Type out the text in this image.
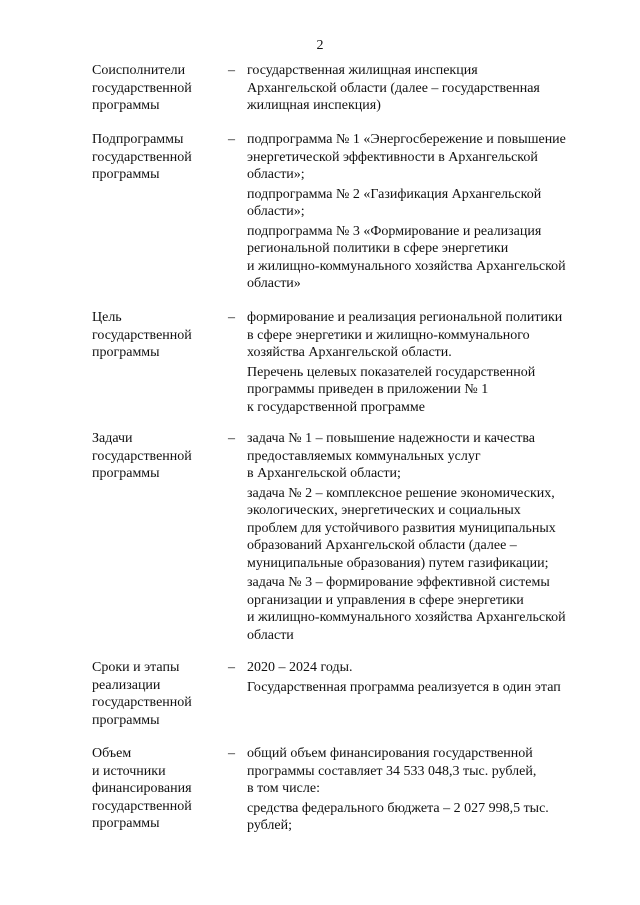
2
Соисполнители
государственной
программы
– государственная жилищная инспекция
Архангельской области (далее – государственная
жилищная инспекция)
Подпрограммы
государственной
программы
– подпрограмма № 1 «Энергосбережение и повышение
энергетической эффективности в Архангельской
области»;
подпрограмма № 2 «Газификация Архангельской
области»;
подпрограмма № 3 «Формирование и реализация
региональной политики в сфере энергетики
и жилищно-коммунального хозяйства Архангельской
области»
Цель
государственной
программы
– формирование и реализация региональной политики
в сфере энергетики и жилищно-коммунального
хозяйства Архангельской области.
Перечень целевых показателей государственной
программы приведен в приложении № 1
к государственной программе
Задачи
государственной
программы
– задача № 1 – повышение надежности и качества
предоставляемых коммунальных услуг
в Архангельской области;
задача № 2 – комплексное решение экономических,
экологических, энергетических и социальных
проблем для устойчивого развития муниципальных
образований Архангельской области (далее –
муниципальные образования) путем газификации;
задача № 3 – формирование эффективной системы
организации и управления в сфере энергетики
и жилищно-коммунального хозяйства Архангельской
области
Сроки и этапы
реализации
государственной
программы
– 2020 – 2024 годы.
Государственная программа реализуется в один этап
Объем
и источники
финансирования
государственной
программы
– общий объем финансирования государственной
программы составляет 34 533 048,3 тыс. рублей,
в том числе:
средства федерального бюджета – 2 027 998,5 тыс.
рублей;
